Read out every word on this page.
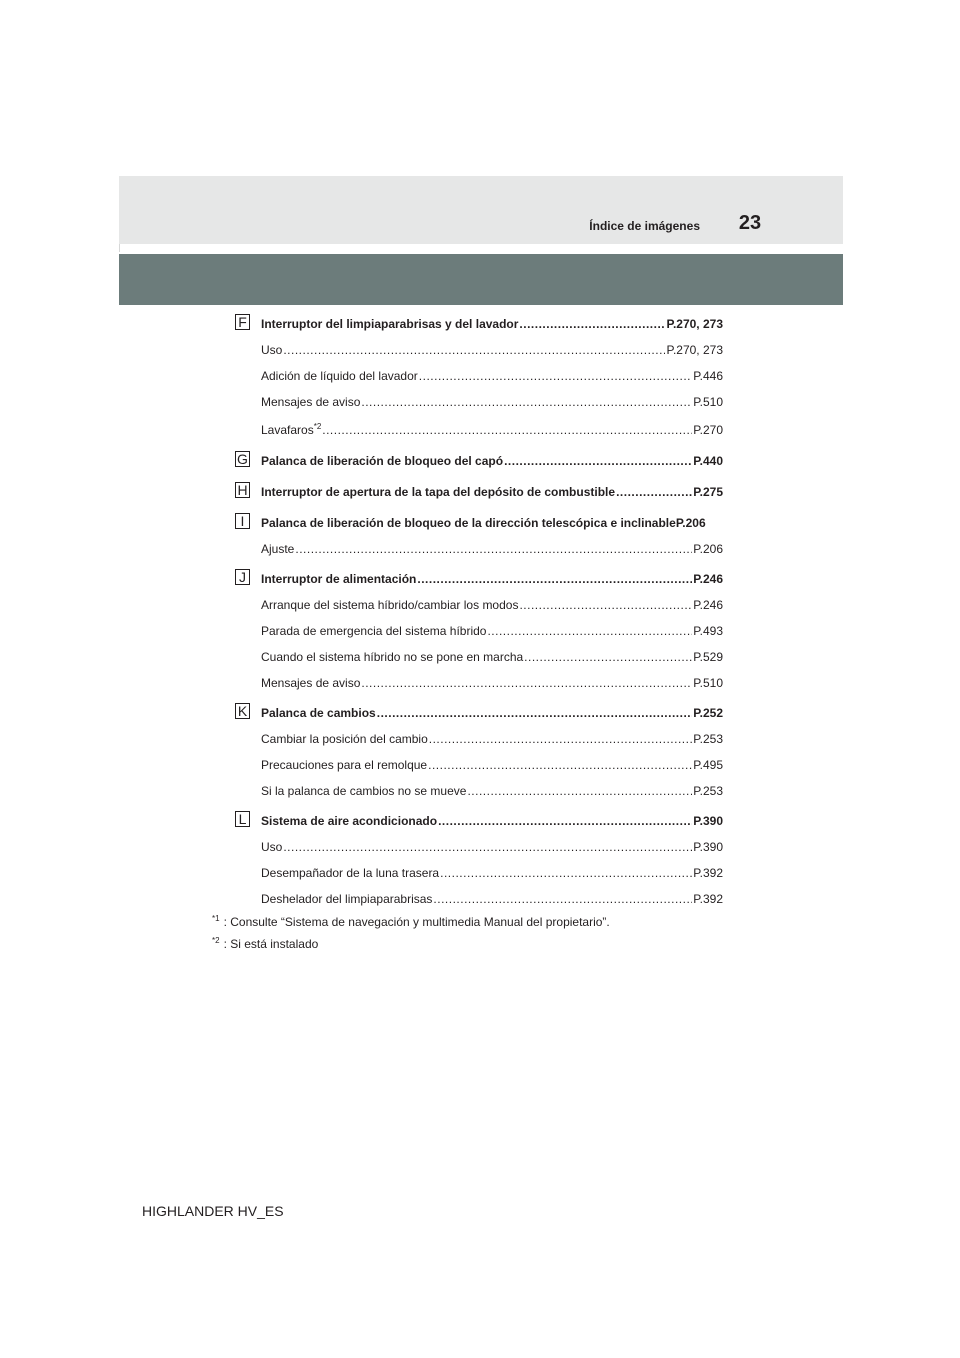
Índice de imágenes	23
F Interruptor del limpiaparabrisas y del lavador .....	P.270, 273
Uso .....	P.270, 273
Adición de líquido del lavador .....	P.446
Mensajes de aviso .....	P.510
Lavafaros$^{*2}$ .....	P.270
G Palanca de liberación de bloqueo del capó .....	P.440
H Interruptor de apertura de la tapa del depósito de combustible .....	P.275
I	Palanca de liberación de bloqueo de la dirección telescópica e inclinable P.206
Ajuste .....	P.206
J	Interruptor de alimentación .....	P.246
Arranque del sistema híbrido/cambiar los modos .....	P.246
Parada de emergencia del sistema híbrido .....	P.493
Cuando el sistema híbrido no se pone en marcha .....	P.529
Mensajes de aviso .....	P.510
K Palanca de cambios .....	P.252
Cambiar la posición del cambio .....	P.253
Precauciones para el remolque .....	P.495
Si la palanca de cambios no se mueve .....	P.253
L	Sistema de aire acondicionado .....	P.390
Uso .....	P.390
Desempañador de la luna trasera .....	P.392
Deshelador del limpiaparabrisas .....	P.392
$^{*1}$ : Consulte “Sistema de navegación y multimedia Manual del propietario”.
$^{*2}$ : Si está instalado
HIGHLANDER HV_ES
